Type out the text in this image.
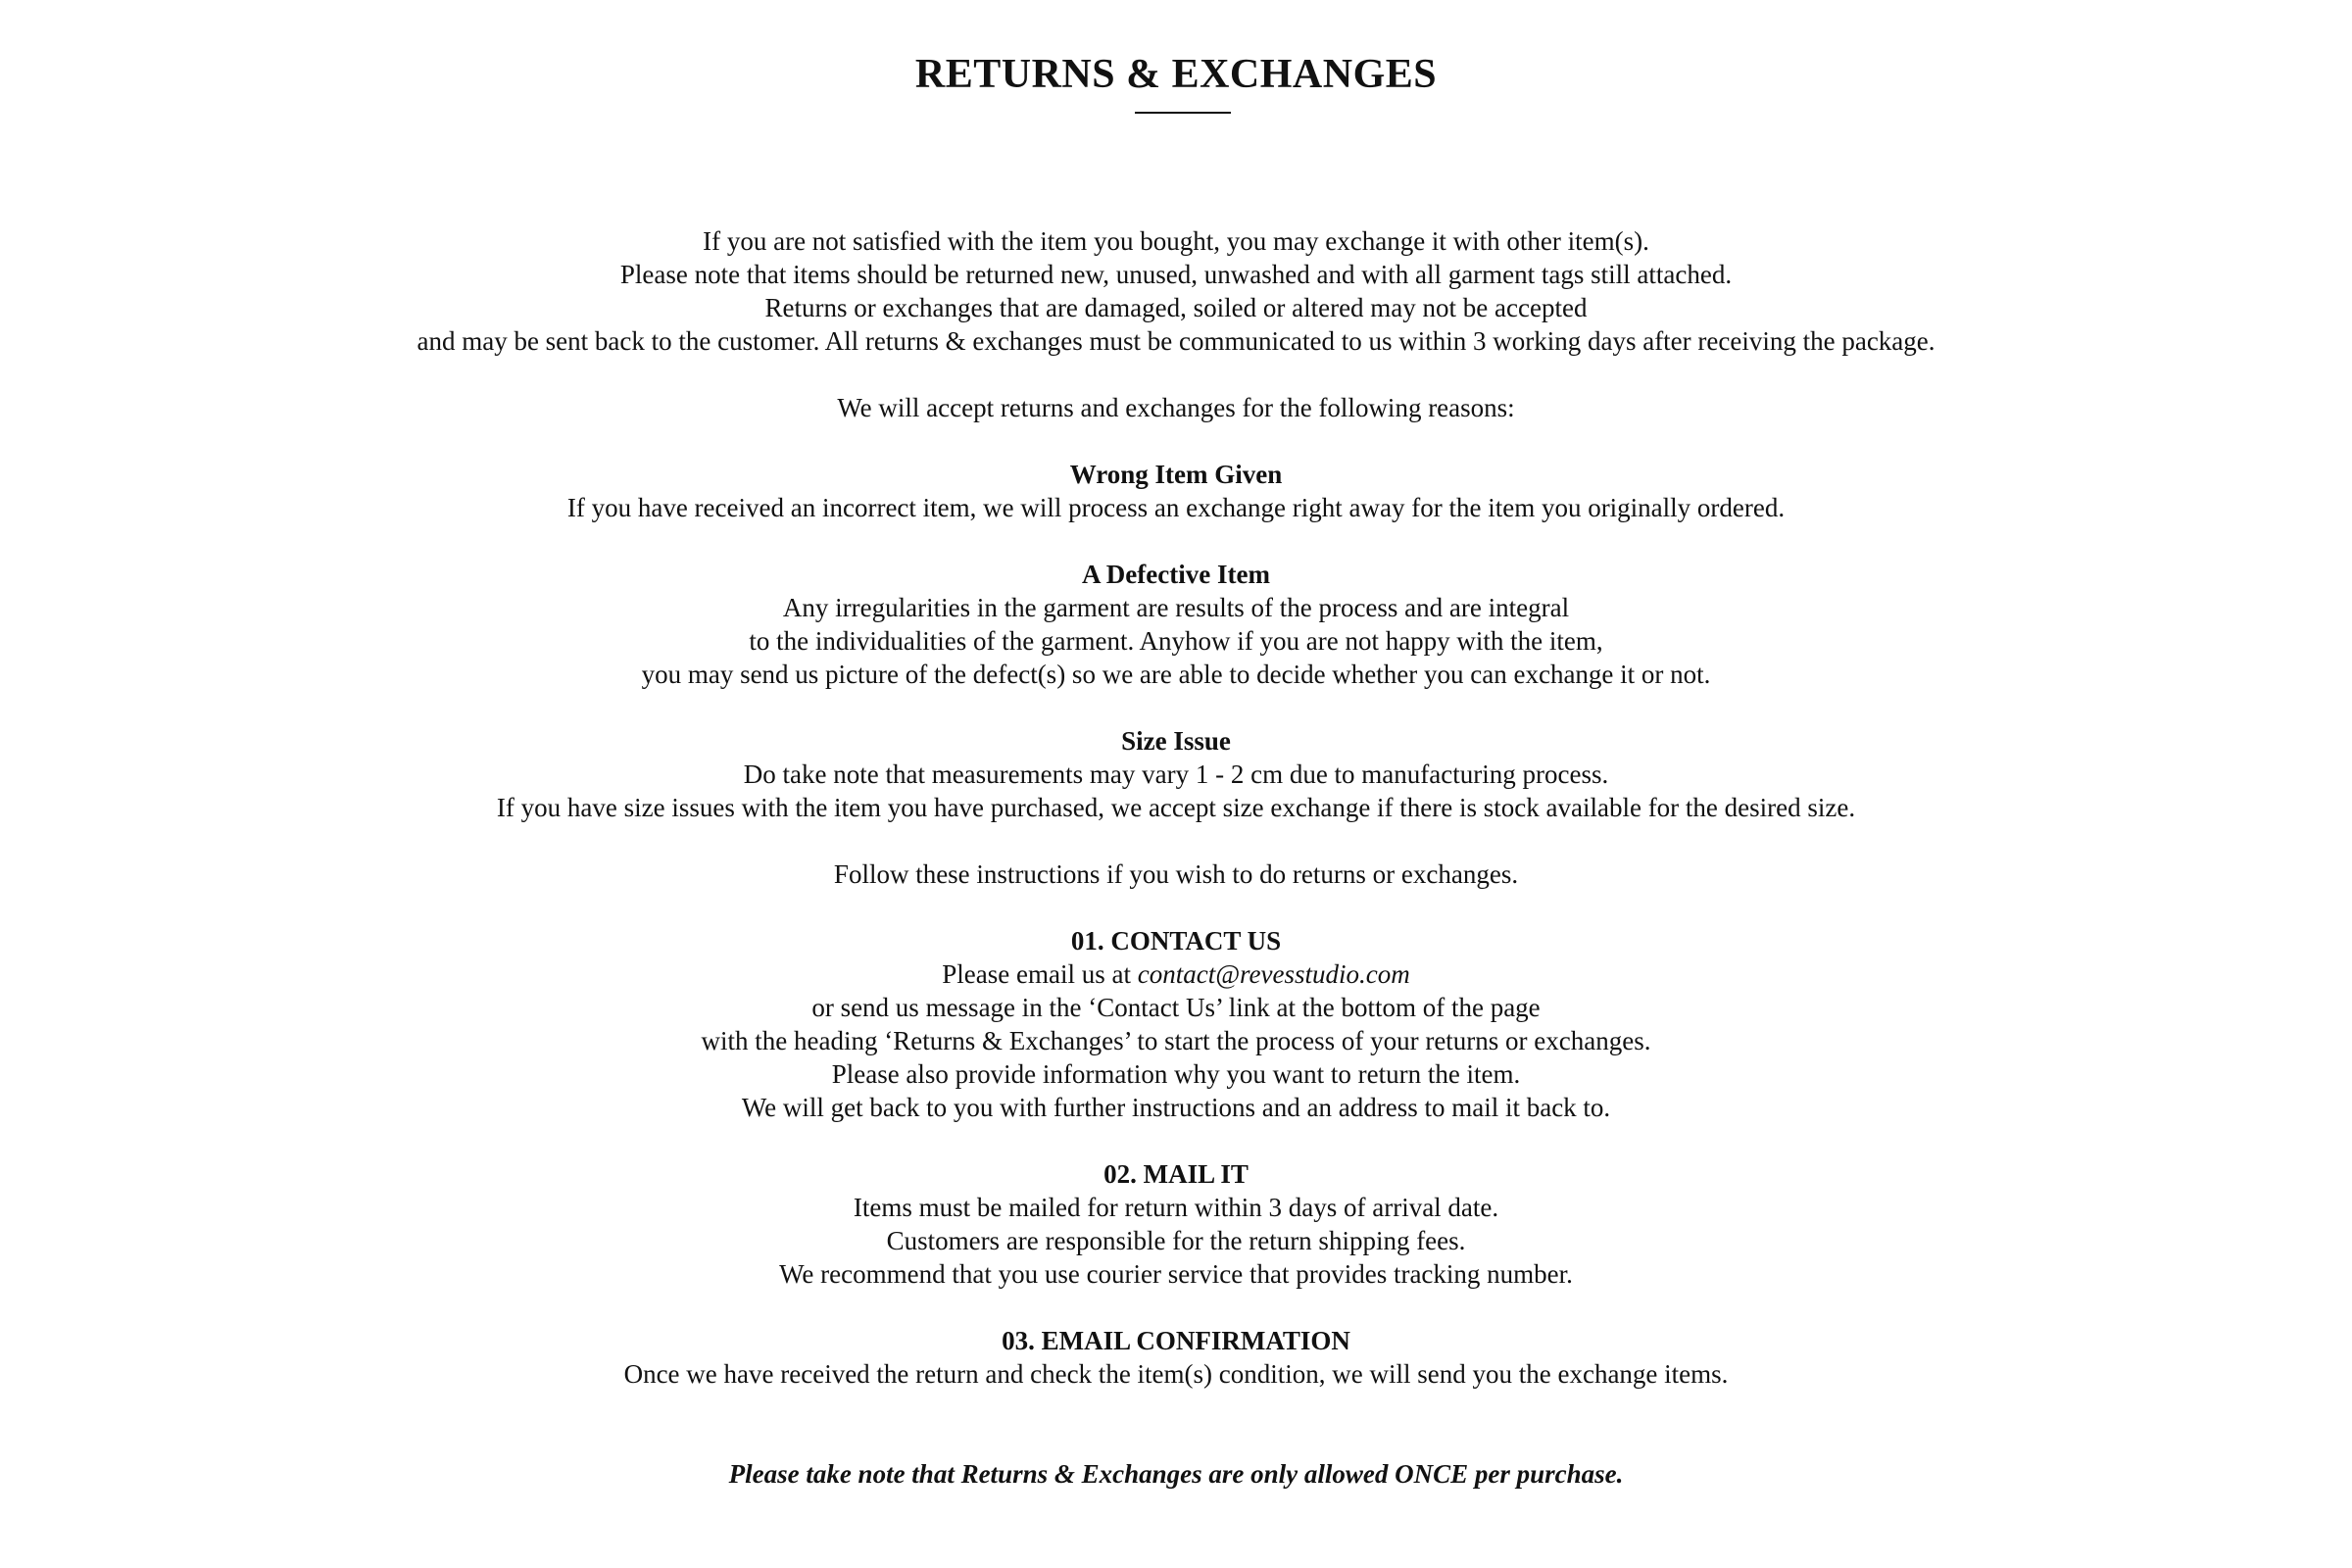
RETURNS & EXCHANGES

If you are not satisfied with the item you bought, you may exchange it with other item(s).

Please note that items should be returned new, unused, unwashed and with all garment tags still attached.

Returns or exchanges that are damaged, soiled or altered may not be accepted

and may be sent back to the customer. All returns & exchanges must be communicated to us within 3 working days after receiving the package.

We will accept returns and exchanges for the following reasons:

Wrong Item Given

If you have received an incorrect item, we will process an exchange right away for the item you originally ordered.

A Defective Item

Any irregularities in the garment are results of the process and are integral

to the individualities of the garment. Anyhow if you are not happy with the item,

you may send us picture of the defect(s) so we are able to decide whether you can exchange it or not.

Size Issue

Do take note that measurements may vary 1 - 2 cm due to manufacturing process.

If you have size issues with the item you have purchased, we accept size exchange if there is stock available for the desired size.

Follow these instructions if you wish to do returns or exchanges.

01. CONTACT US

Please email us at contact@revesstudio.com

or send us message in the ‘Contact Us’ link at the bottom of the page

with the heading ‘Returns & Exchanges’ to start the process of your returns or exchanges.

Please also provide information why you want to return the item.

We will get back to you with further instructions and an address to mail it back to.

02. MAIL IT

Items must be mailed for return within 3 days of arrival date.

Customers are responsible for the return shipping fees.

We recommend that you use courier service that provides tracking number.

03. EMAIL CONFIRMATION

Once we have received the return and check the item(s) condition, we will send you the exchange items.

Please take note that Returns & Exchanges are only allowed ONCE per purchase.
